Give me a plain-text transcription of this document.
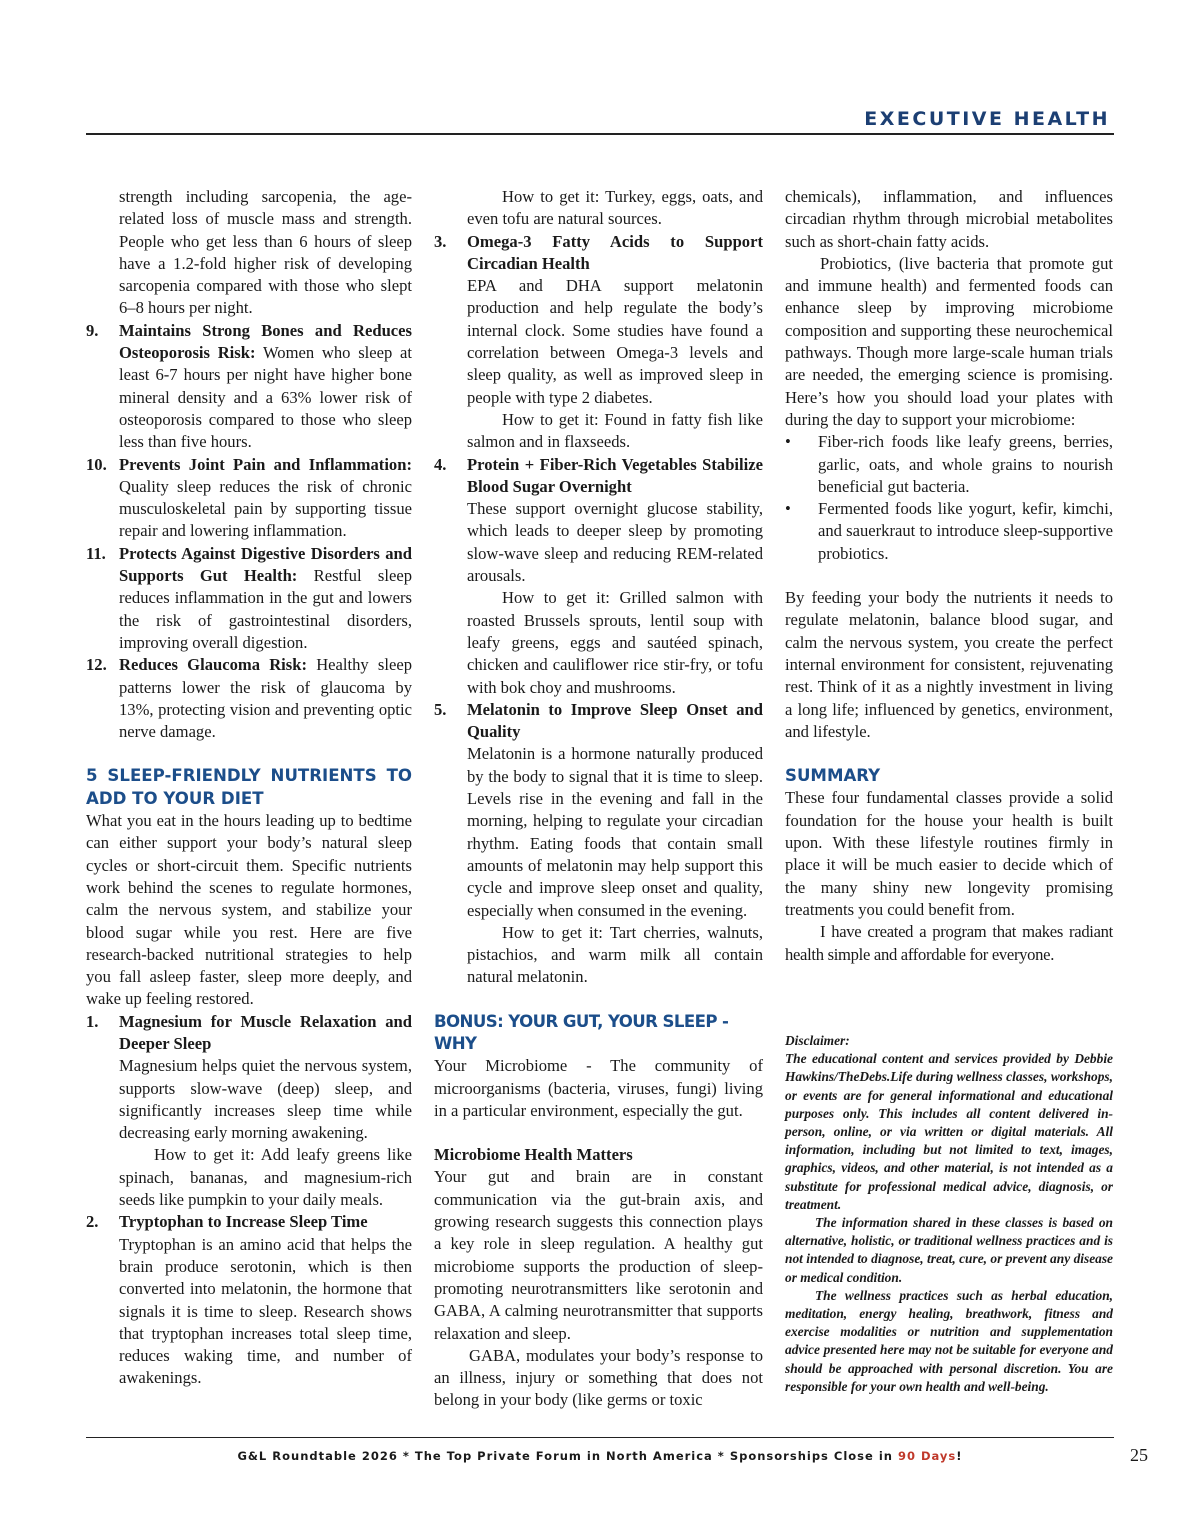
EXECUTIVE HEALTH

strength including sarcopenia, the age-related loss of muscle mass and strength. People who get less than 6 hours of sleep have a 1.2-fold higher risk of developing sarcopenia compared with those who slept 6–8 hours per night.

9. Maintains Strong Bones and Reduces Osteoporosis Risk: Women who sleep at least 6-7 hours per night have higher bone mineral density and a 63% lower risk of osteoporosis compared to those who sleep less than five hours.
10. Prevents Joint Pain and Inflammation: Quality sleep reduces the risk of chronic musculoskeletal pain by supporting tissue repair and lowering inflammation.
11. Protects Against Digestive Disorders and Supports Gut Health: Restful sleep reduces inflammation in the gut and lowers the risk of gastrointestinal disorders, improving overall digestion.
12. Reduces Glaucoma Risk: Healthy sleep patterns lower the risk of glaucoma by 13%, protecting vision and preventing optic nerve damage.
5 SLEEP-FRIENDLY NUTRIENTS TO ADD TO YOUR DIET

What you eat in the hours leading up to bedtime can either support your body’s natural sleep cycles or short-circuit them. Specific nutrients work behind the scenes to regulate hormones, calm the nervous system, and stabilize your blood sugar while you rest. Here are five research-backed nutritional strategies to help you fall asleep faster, sleep more deeply, and wake up feeling restored.

1. Magnesium for Muscle Relaxation and Deeper Sleep

Magnesium helps quiet the nervous system, supports slow-wave (deep) sleep, and significantly increases sleep time while decreasing early morning awakening.

How to get it: Add leafy greens like spinach, bananas, and magnesium-rich seeds like pumpkin to your daily meals.

2. Tryptophan to Increase Sleep Time

Tryptophan is an amino acid that helps the brain produce serotonin, which is then converted into melatonin, the hormone that signals it is time to sleep. Research shows that tryptophan increases total sleep time, reduces waking time, and number of awakenings.

How to get it: Turkey, eggs, oats, and even tofu are natural sources.

3. Omega-3 Fatty Acids to Support Circadian Health

EPA and DHA support melatonin production and help regulate the body’s internal clock. Some studies have found a correlation between Omega-3 levels and sleep quality, as well as improved sleep in people with type 2 diabetes.

How to get it: Found in fatty fish like salmon and in flaxseeds.

4. Protein + Fiber-Rich Vegetables Stabilize Blood Sugar Overnight

These support overnight glucose stability, which leads to deeper sleep by promoting slow-wave sleep and reducing REM-related arousals.

How to get it: Grilled salmon with roasted Brussels sprouts, lentil soup with leafy greens, eggs and sautéed spinach, chicken and cauliflower rice stir-fry, or tofu with bok choy and mushrooms.

5. Melatonin to Improve Sleep Onset and Quality

Melatonin is a hormone naturally produced by the body to signal that it is time to sleep. Levels rise in the evening and fall in the morning, helping to regulate your circadian rhythm. Eating foods that contain small amounts of melatonin may help support this cycle and improve sleep onset and quality, especially when consumed in the evening.

How to get it: Tart cherries, walnuts, pistachios, and warm milk all contain natural melatonin.

BONUS: YOUR GUT, YOUR SLEEP - WHY

Your Microbiome - The community of microorganisms (bacteria, viruses, fungi) living in a particular environment, especially the gut.

Microbiome Health Matters

Your gut and brain are in constant communication via the gut-brain axis, and growing research suggests this connection plays a key role in sleep regulation. A healthy gut microbiome supports the production of sleep-promoting neurotransmitters like serotonin and GABA, A calming neurotransmitter that supports relaxation and sleep.

GABA, modulates your body’s response to an illness, injury or something that does not belong in your body (like germs or toxic

chemicals), inflammation, and influences circadian rhythm through microbial metabolites such as short-chain fatty acids.

Probiotics, (live bacteria that promote gut and immune health) and fermented foods can enhance sleep by improving microbiome composition and supporting these neurochemical pathways. Though more large-scale human trials are needed, the emerging science is promising. Here’s how you should load your plates with during the day to support your microbiome:

• Fiber-rich foods like leafy greens, berries, garlic, oats, and whole grains to nourish beneficial gut bacteria.
• Fermented foods like yogurt, kefir, kimchi, and sauerkraut to introduce sleep-supportive probiotics.

By feeding your body the nutrients it needs to regulate melatonin, balance blood sugar, and calm the nervous system, you create the perfect internal environment for consistent, rejuvenating rest. Think of it as a nightly investment in living a long life; influenced by genetics, environment, and lifestyle.

SUMMARY

These four fundamental classes provide a solid foundation for the house your health is built upon. With these lifestyle routines firmly in place it will be much easier to decide which of the many shiny new longevity promising treatments you could benefit from.

I have created a program that makes radiant health simple and affordable for everyone.

Disclaimer:

The educational content and services provided by Debbie Hawkins/TheDebs.Life during wellness classes, workshops, or events are for general informational and educational purposes only. This includes all content delivered in-person, online, or via written or digital materials. All information, including but not limited to text, images, graphics, videos, and other material, is not intended as a substitute for professional medical advice, diagnosis, or treatment.

The information shared in these classes is based on alternative, holistic, or traditional wellness practices and is not intended to diagnose, treat, cure, or prevent any disease or medical condition.

The wellness practices such as herbal education, meditation, energy healing, breathwork, fitness and exercise modalities or nutrition and supplementation advice presented here may not be suitable for everyone and should be approached with personal discretion. You are responsible for your own health and well-being.

G&L Roundtable 2026 * The Top Private Forum in North America * Sponsorships Close in 90 Days!	25
